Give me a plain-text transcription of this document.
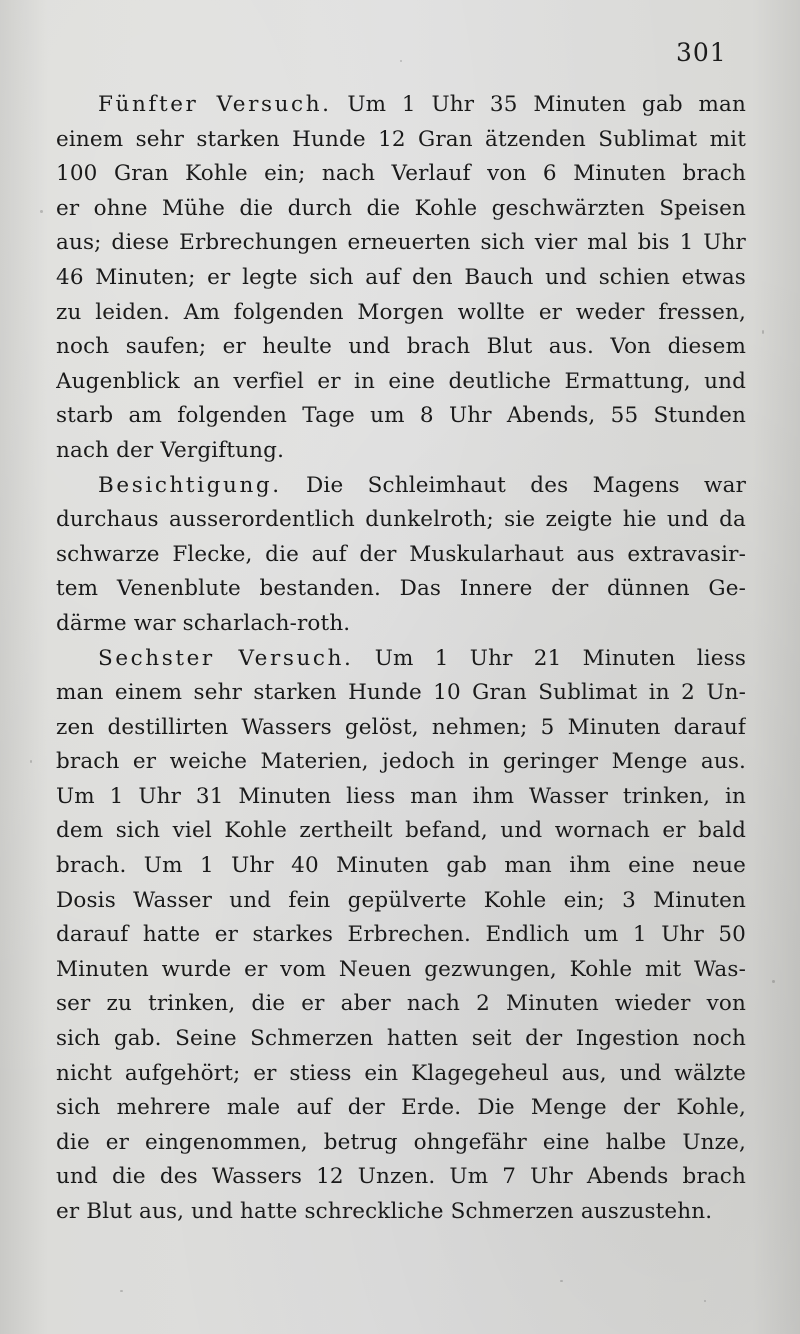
301
Fünfter Versuch. Um 1 Uhr 35 Minuten gab man
einem sehr starken Hunde 12 Gran ätzenden Sublimat mit
100 Gran Kohle ein; nach Verlauf von 6 Minuten brach
er ohne Mühe die durch die Kohle geschwärzten Speisen
aus; diese Erbrechungen erneuerten sich vier mal bis 1 Uhr
46 Minuten; er legte sich auf den Bauch und schien etwas
zu leiden. Am folgenden Morgen wollte er weder fressen,
noch saufen; er heulte und brach Blut aus. Von diesem
Augenblick an verfiel er in eine deutliche Ermattung, und
starb am folgenden Tage um 8 Uhr Abends, 55 Stunden
nach der Vergiftung.
Besichtigung. Die Schleimhaut des Magens war
durchaus ausserordentlich dunkelroth; sie zeigte hie und da
schwarze Flecke, die auf der Muskularhaut aus extravasir-
tem Venenblute bestanden. Das Innere der dünnen Ge-
därme war scharlach-roth.
Sechster Versuch. Um 1 Uhr 21 Minuten liess
man einem sehr starken Hunde 10 Gran Sublimat in 2 Un-
zen destillirten Wassers gelöst, nehmen; 5 Minuten darauf
brach er weiche Materien, jedoch in geringer Menge aus.
Um 1 Uhr 31 Minuten liess man ihm Wasser trinken, in
dem sich viel Kohle zertheilt befand, und wornach er bald
brach. Um 1 Uhr 40 Minuten gab man ihm eine neue
Dosis Wasser und fein gepülverte Kohle ein; 3 Minuten
darauf hatte er starkes Erbrechen. Endlich um 1 Uhr 50
Minuten wurde er vom Neuen gezwungen, Kohle mit Was-
ser zu trinken, die er aber nach 2 Minuten wieder von
sich gab. Seine Schmerzen hatten seit der Ingestion noch
nicht aufgehört; er stiess ein Klagegeheul aus, und wälzte
sich mehrere male auf der Erde. Die Menge der Kohle,
die er eingenommen, betrug ohngefähr eine halbe Unze,
und die des Wassers 12 Unzen. Um 7 Uhr Abends brach
er Blut aus, und hatte schreckliche Schmerzen auszustehn.
